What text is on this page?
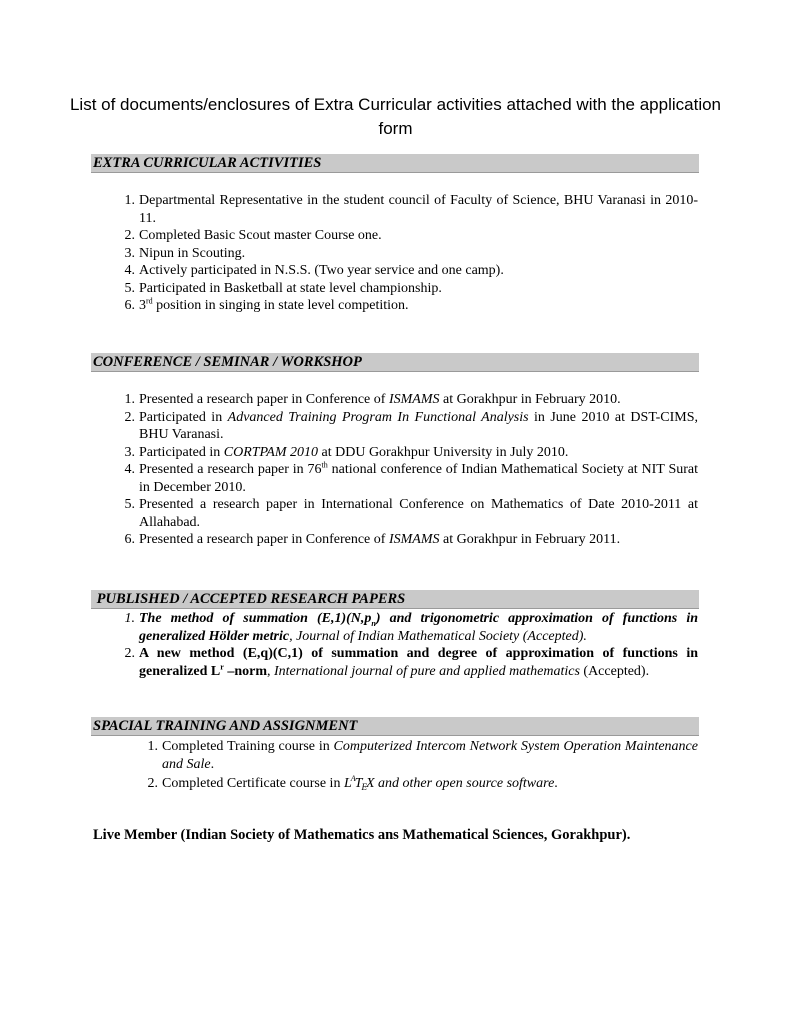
List of documents/enclosures of Extra Curricular activities attached with the application form
EXTRA CURRICULAR ACTIVITIES
1. Departmental Representative in the student council of Faculty of Science, BHU Varanasi in 2010-11.
2. Completed Basic Scout master Course one.
3. Nipun in Scouting.
4. Actively participated in N.S.S. (Two year service and one camp).
5. Participated in Basketball at state level championship.
6. 3rd position in singing in state level competition.
CONFERENCE / SEMINAR / WORKSHOP
1. Presented a research paper in Conference of ISMAMS at Gorakhpur in February 2010.
2. Participated in Advanced Training Program In Functional Analysis in June 2010 at DST-CIMS, BHU Varanasi.
3. Participated in CORTPAM 2010 at DDU Gorakhpur University in July 2010.
4. Presented a research paper in 76th national conference of Indian Mathematical Society at NIT Surat in December 2010.
5. Presented a research paper in International Conference on Mathematics of Date 2010-2011 at Allahabad.
6. Presented a research paper in Conference of ISMAMS at Gorakhpur in February 2011.
PUBLISHED / ACCEPTED RESEARCH PAPERS
1. The method of summation $(E,1)(N,p_n)$ and trigonometric approximation of functions in generalized Hölder metric, Journal of Indian Mathematical Society (Accepted).
2. A new method (E,q)(C,1) of summation and degree of approximation of functions in generalized $L^r$ –norm, International journal of pure and applied mathematics (Accepted).
SPACIAL TRAINING AND ASSIGNMENT
1. Completed Training course in Computerized Intercom Network System Operation Maintenance and Sale.
2. Completed Certificate course in $L^AT_EX$ and other open source software.
Live Member (Indian Society of Mathematics ans Mathematical Sciences, Gorakhpur).
